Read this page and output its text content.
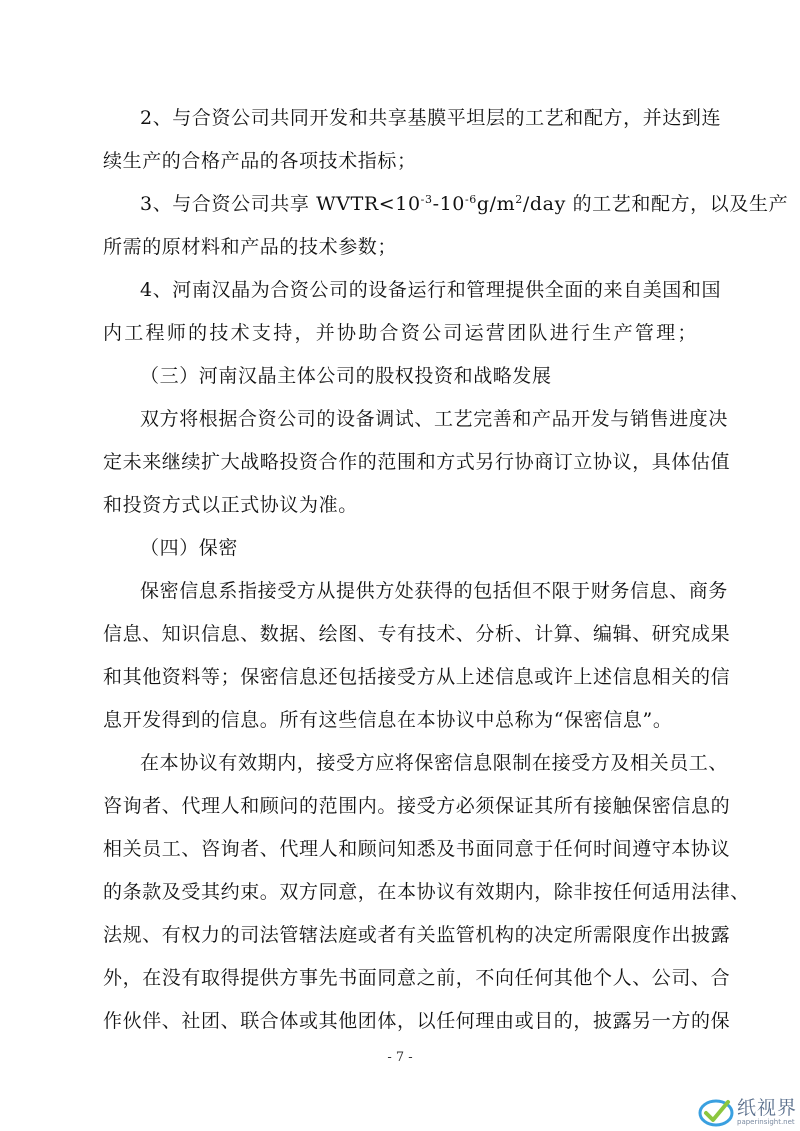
2、与合资公司共同开发和共享基膜平坦层的工艺和配方，并达到连
续生产的合格产品的各项技术指标；
3、与合资公司共享 $WVTR<10^{-3}-10^{-6}g/m^2$/day 的工艺和配方，以及生产
所需的原材料和产品的技术参数；
4、河南汉晶为合资公司的设备运行和管理提供全面的来自美国和国
内工程师的技术支持，并协助合资公司运营团队进行生产管理；
（三）河南汉晶主体公司的股权投资和战略发展
双方将根据合资公司的设备调试、工艺完善和产品开发与销售进度决
定未来继续扩大战略投资合作的范围和方式另行协商订立协议，具体估值
和投资方式以正式协议为准。
（四）保密
保密信息系指接受方从提供方处获得的包括但不限于财务信息、商务
信息、知识信息、数据、绘图、专有技术、分析、计算、编辑、研究成果
和其他资料等；保密信息还包括接受方从上述信息或许上述信息相关的信
息开发得到的信息。所有这些信息在本协议中总称为“保密信息”。
在本协议有效期内，接受方应将保密信息限制在接受方及相关员工、
咨询者、代理人和顾问的范围内。接受方必须保证其所有接触保密信息的
相关员工、咨询者、代理人和顾问知悉及书面同意于任何时间遵守本协议
的条款及受其约束。双方同意，在本协议有效期内，除非按任何适用法律、
法规、有权力的司法管辖法庭或者有关监管机构的决定所需限度作出披露
外，在没有取得提供方事先书面同意之前，不向任何其他个人、公司、合
作伙伴、社团、联合体或其他团体，以任何理由或目的，披露另一方的保
- 7 -
纸视界
paperinsight.net
